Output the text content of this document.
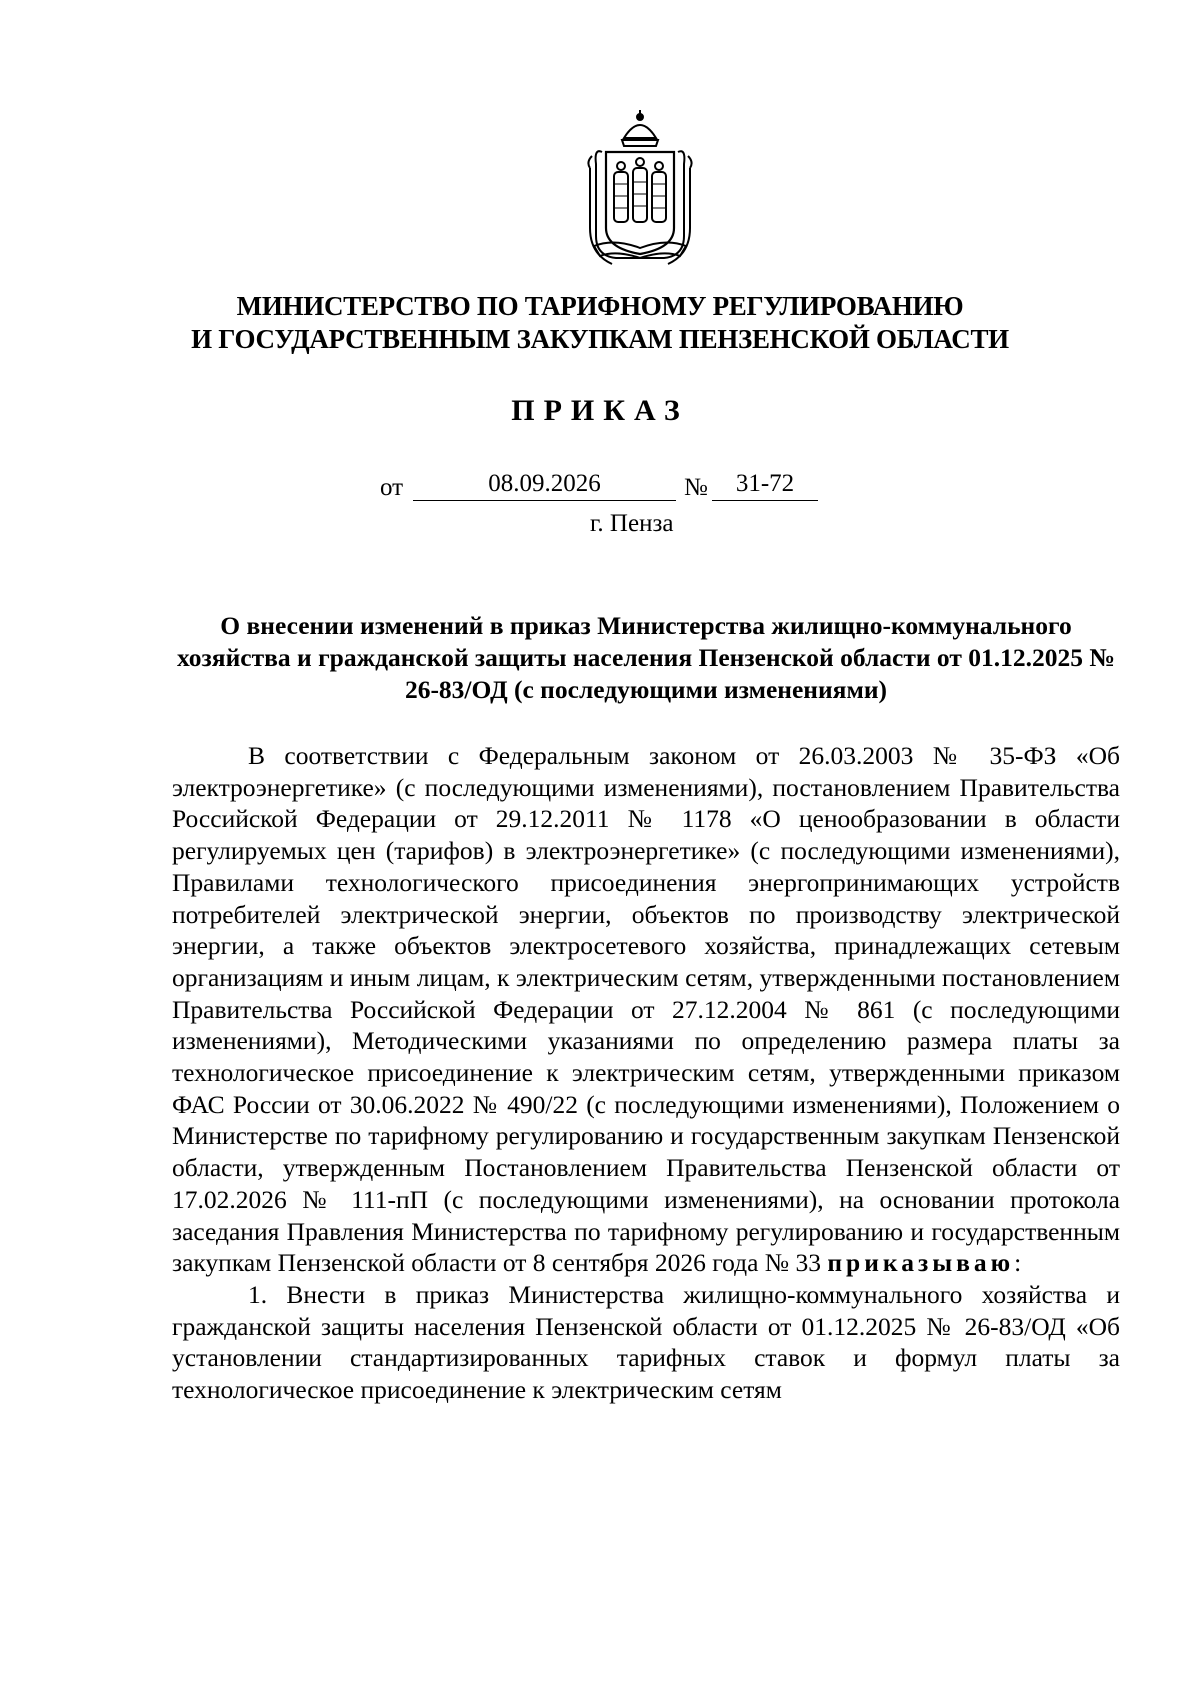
МИНИСТЕРСТВО ПО ТАРИФНОМУ РЕГУЛИРОВАНИЮ
И ГОСУДАРСТВЕННЫМ ЗАКУПКАМ ПЕНЗЕНСКОЙ ОБЛАСТИ
ПРИКАЗ
от	08.09.2026	№	31-72
г. Пенза
О внесении изменений в приказ Министерства жилищно-коммунального хозяйства и гражданской защиты населения Пензенской области от 01.12.2025 № 26-83/ОД (с последующими изменениями)

В соответствии с Федеральным законом от 26.03.2003 № 35-ФЗ «Об электроэнергетике» (с последующими изменениями), постановлением Правительства Российской Федерации от 29.12.2011 № 1178 «О ценообразовании в области регулируемых цен (тарифов) в электроэнергетике» (с последующими изменениями), Правилами технологического присоединения энергопринимающих устройств потребителей электрической энергии, объектов по производству электрической энергии, а также объектов электросетевого хозяйства, принадлежащих сетевым организациям и иным лицам, к электрическим сетям, утвержденными постановлением Правительства Российской Федерации от 27.12.2004 № 861 (с последующими изменениями), Методическими указаниями по определению размера платы за технологическое присоединение к электрическим сетям, утвержденными приказом ФАС России от 30.06.2022 № 490/22 (с последующими изменениями), Положением о Министерстве по тарифному регулированию и государственным закупкам Пензенской области, утвержденным Постановлением Правительства Пензенской области от 17.02.2026 № 111-пП (с последующими изменениями), на основании протокола заседания Правления Министерства по тарифному регулированию и государственным закупкам Пензенской области от 8 сентября 2026 года № 33 приказываю:

1. Внести в приказ Министерства жилищно-коммунального хозяйства и гражданской защиты населения Пензенской области от 01.12.2025 № 26-83/ОД «Об установлении стандартизированных тарифных ставок и формул платы за технологическое присоединение к электрическим сетям
